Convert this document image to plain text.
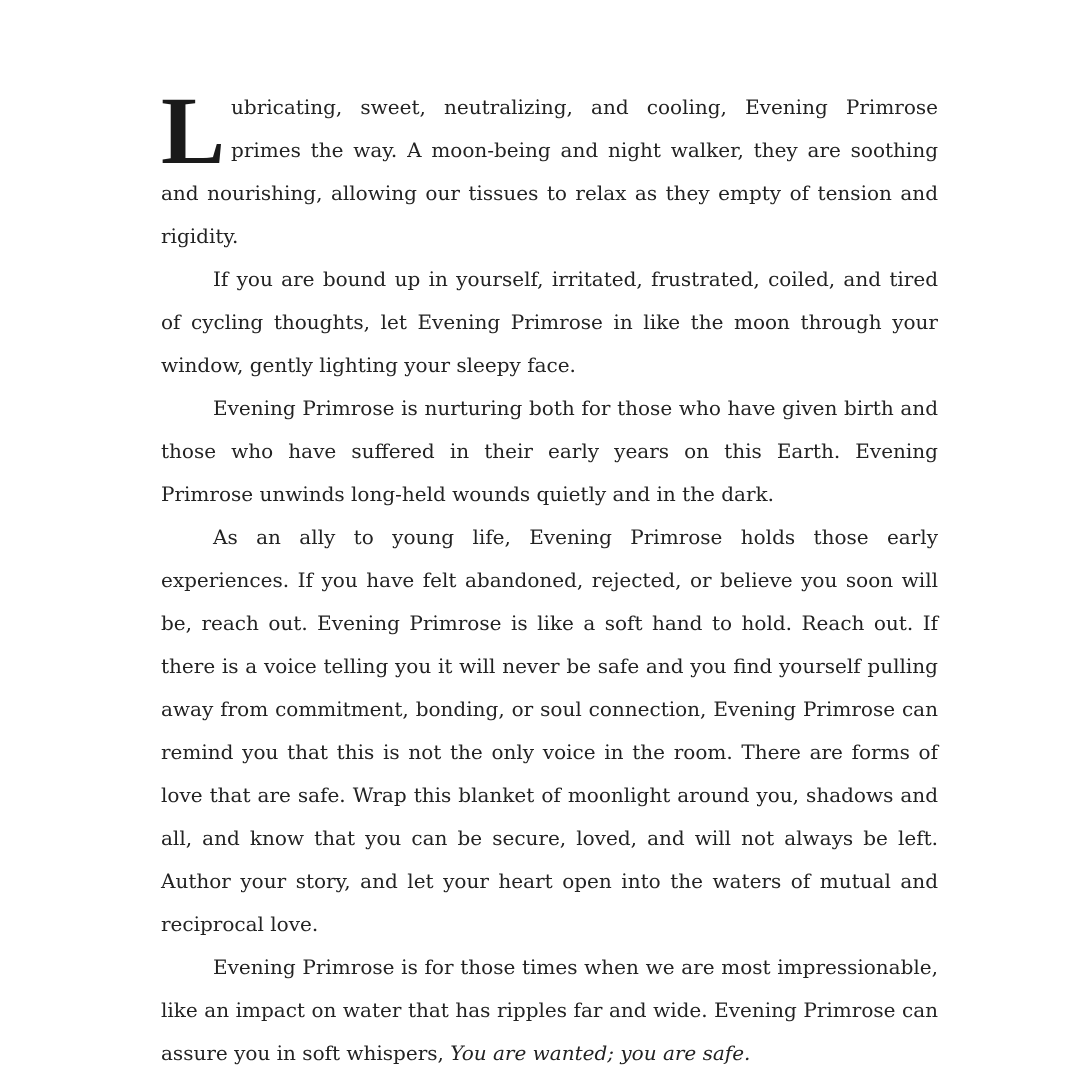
Lubricating, sweet, neutralizing, and cooling, Evening Primrose primes the way. A moon-being and night walker, they are soothing and nourishing, allowing our tissues to relax as they empty of tension and rigidity.

If you are bound up in yourself, irritated, frustrated, coiled, and tired of cycling thoughts, let Evening Primrose in like the moon through your window, gently lighting your sleepy face.

Evening Primrose is nurturing both for those who have given birth and those who have suffered in their early years on this Earth. Evening Primrose unwinds long-held wounds quietly and in the dark.

As an ally to young life, Evening Primrose holds those early experiences. If you have felt abandoned, rejected, or believe you soon will be, reach out. Evening Primrose is like a soft hand to hold. Reach out. If there is a voice telling you it will never be safe and you find yourself pulling away from commitment, bonding, or soul connection, Evening Primrose can remind you that this is not the only voice in the room. There are forms of love that are safe. Wrap this blanket of moonlight around you, shadows and all, and know that you can be secure, loved, and will not always be left. Author your story, and let your heart open into the waters of mutual and reciprocal love.

Evening Primrose is for those times when we are most impressionable, like an impact on water that has ripples far and wide. Evening Primrose can assure you in soft whispers, You are wanted; you are safe.
